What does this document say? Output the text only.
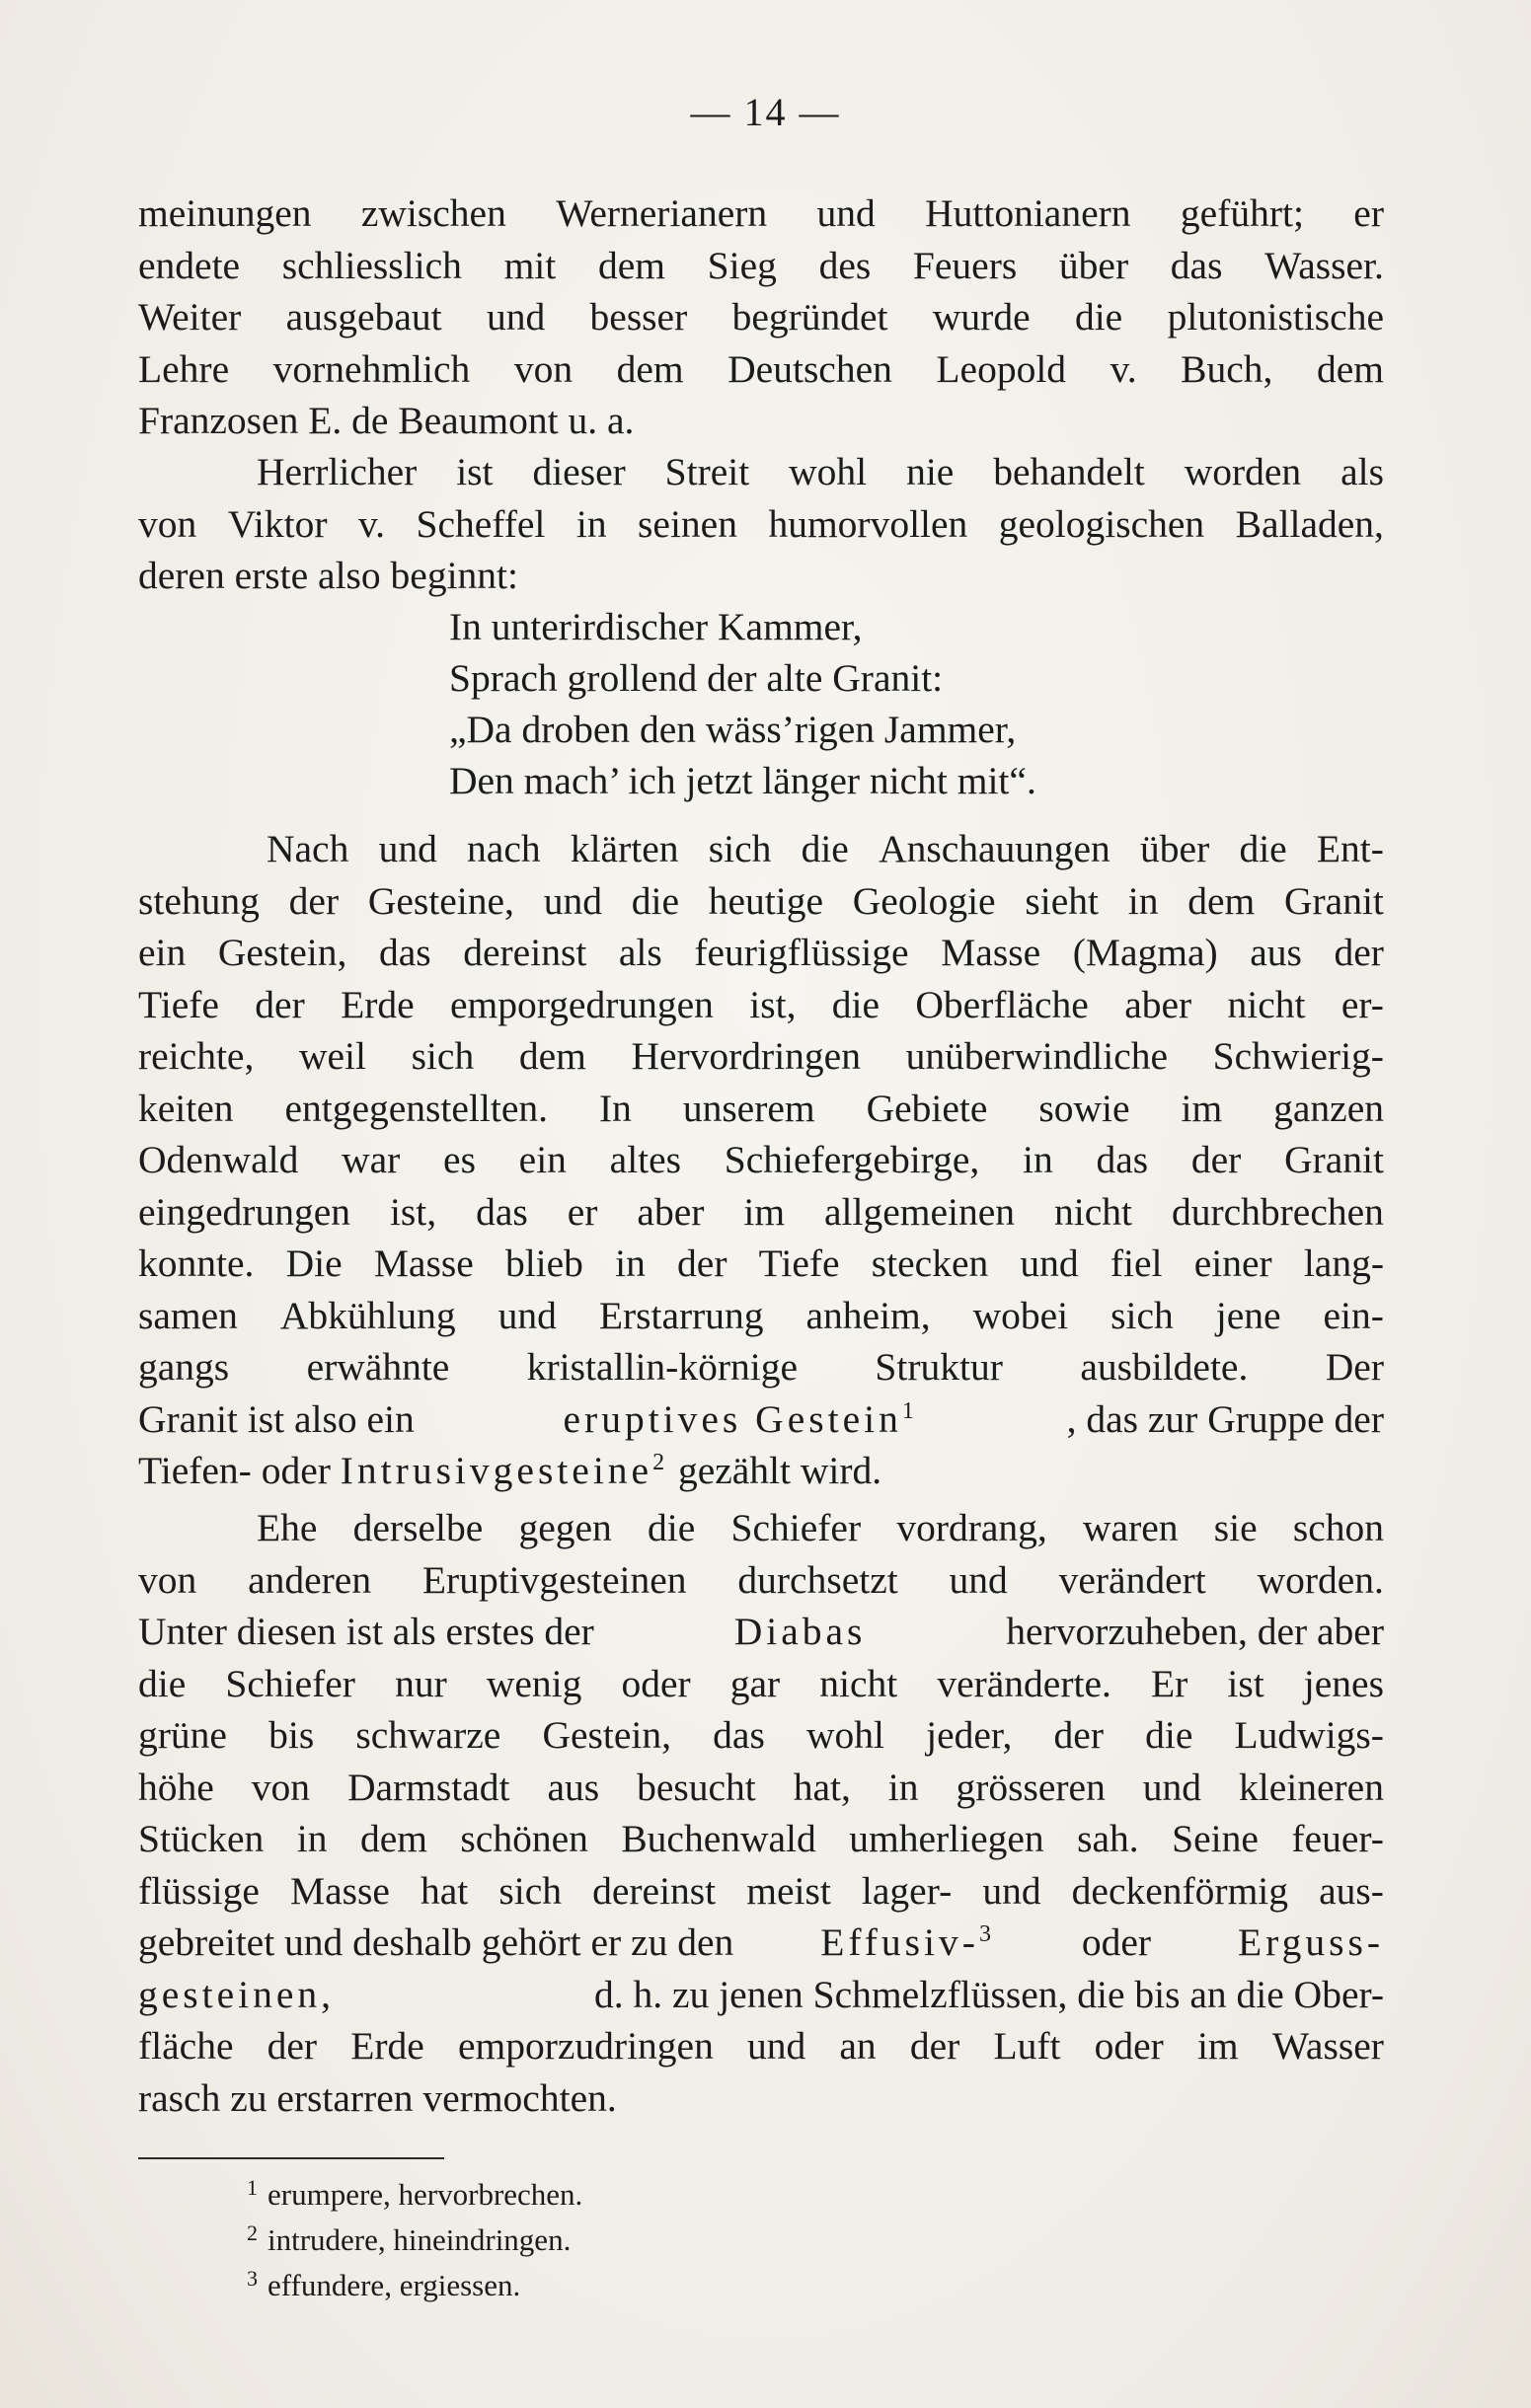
— 14 —
meinungen zwischen Wernerianern und Huttonianern geführt; er
endete schliesslich mit dem Sieg des Feuers über das Wasser.
Weiter ausgebaut und besser begründet wurde die plutonistische
Lehre vornehmlich von dem Deutschen Leopold v. Buch, dem
Franzosen E. de Beaumont u. a.
Herrlicher ist dieser Streit wohl nie behandelt worden als
von Viktor v. Scheffel in seinen humorvollen geologischen Balladen,
deren erste also beginnt:
In unterirdischer Kammer,
Sprach grollend der alte Granit:
„Da droben den wäss’rigen Jammer,
Den mach’ ich jetzt länger nicht mit“.
Nach und nach klärten sich die Anschauungen über die Ent-
stehung der Gesteine, und die heutige Geologie sieht in dem Granit
ein Gestein, das dereinst als feurigflüssige Masse (Magma) aus der
Tiefe der Erde emporgedrungen ist, die Oberfläche aber nicht er-
reichte, weil sich dem Hervordringen unüberwindliche Schwierig-
keiten entgegenstellten. In unserem Gebiete sowie im ganzen
Odenwald war es ein altes Schiefergebirge, in das der Granit
eingedrungen ist, das er aber im allgemeinen nicht durchbrechen
konnte. Die Masse blieb in der Tiefe stecken und fiel einer lang-
samen Abkühlung und Erstarrung anheim, wobei sich jene ein-
gangs erwähnte kristallin-körnige Struktur ausbildete. Der
Granit ist also ein	eruptives Gestein$^1$	, das zur Gruppe der
Tiefen- oder
Intrusivgesteine$^2$
gezählt wird.
Ehe derselbe gegen die Schiefer vordrang, waren sie schon
von anderen Eruptivgesteinen durchsetzt und verändert worden.
Unter diesen ist als erstes der	Diabas	hervorzuheben, der aber
die Schiefer nur wenig oder gar nicht veränderte. Er ist jenes
grüne bis schwarze Gestein, das wohl jeder, der die Ludwigs-
höhe von Darmstadt aus besucht hat, in grösseren und kleineren
Stücken in dem schönen Buchenwald umherliegen sah. Seine feuer-
flüssige Masse hat sich dereinst meist lager- und deckenförmig aus-
gebreitet und deshalb gehört er zu den Effusiv-$^3$ oder Erguss-
gesteinen,	d. h. zu jenen Schmelzflüssen, die bis an die Ober-
fläche der Erde emporzudringen und an der Luft oder im Wasser
rasch zu erstarren vermochten.
$^1$ erumpere, hervorbrechen.
$^2$ intrudere, hineindringen.
$^3$ effundere, ergiessen.
